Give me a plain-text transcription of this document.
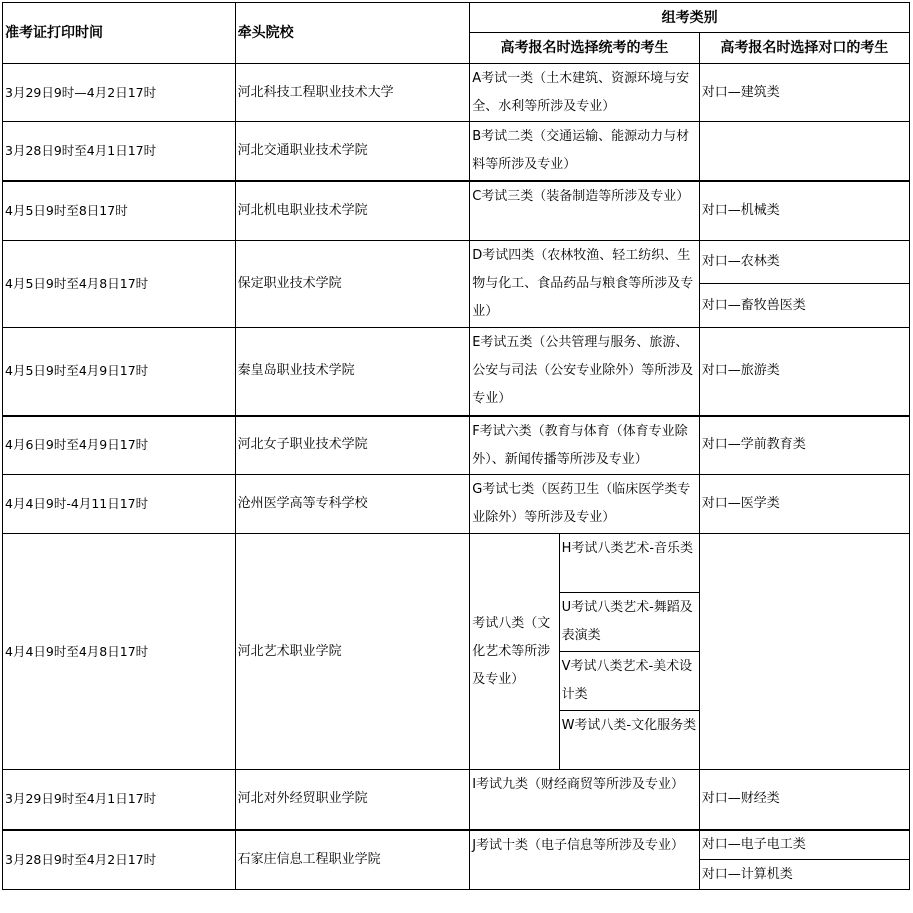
准考证打印时间	牵头院校	组考类别		
		高考报名时选择统考的考生		高考报名时选择对口的考生
3月29日9时—4月2日17时	河北科技工程职业技术大学	A考试一类（土木建筑、资源环境与安全、水利等所涉及专业）		对口—建筑类
3月28日9时至4月1日17时	河北交通职业技术学院	B考试二类（交通运输、能源动力与材料等所涉及专业）		
4月5日9时至8日17时	河北机电职业技术学院	C考试三类（装备制造等所涉及专业）		对口—机械类
4月5日9时至4月8日17时	保定职业技术学院	D考试四类（农林牧渔、轻工纺织、生物与化工、食品药品与粮食等所涉及专业）		对口—农林类
				对口—畜牧兽医类
4月5日9时至4月9日17时	秦皇岛职业技术学院	E考试五类（公共管理与服务、旅游、公安与司法（公安专业除外）等所涉及专业）		对口—旅游类
4月6日9时至4月9日17时	河北女子职业技术学院	F考试六类（教育与体育（体育专业除外）、新闻传播等所涉及专业）		对口—学前教育类
4月4日9时-4月11日17时	沧州医学高等专科学校	G考试七类（医药卫生（临床医学类专业除外）等所涉及专业）		对口—医学类
4月4日9时至4月8日17时	河北艺术职业学院	考试八类（文化艺术等所涉及专业）	H考试八类艺术-音乐类	
			U考试八类艺术-舞蹈及表演类	
			V考试八类艺术-美术设计类	
			W考试八类-文化服务类	
3月29日9时至4月1日17时	河北对外经贸职业学院	I考试九类（财经商贸等所涉及专业）		对口—财经类
3月28日9时至4月2日17时	石家庄信息工程职业学院	J考试十类（电子信息等所涉及专业）		对口—电子电工类
				对口—计算机类
